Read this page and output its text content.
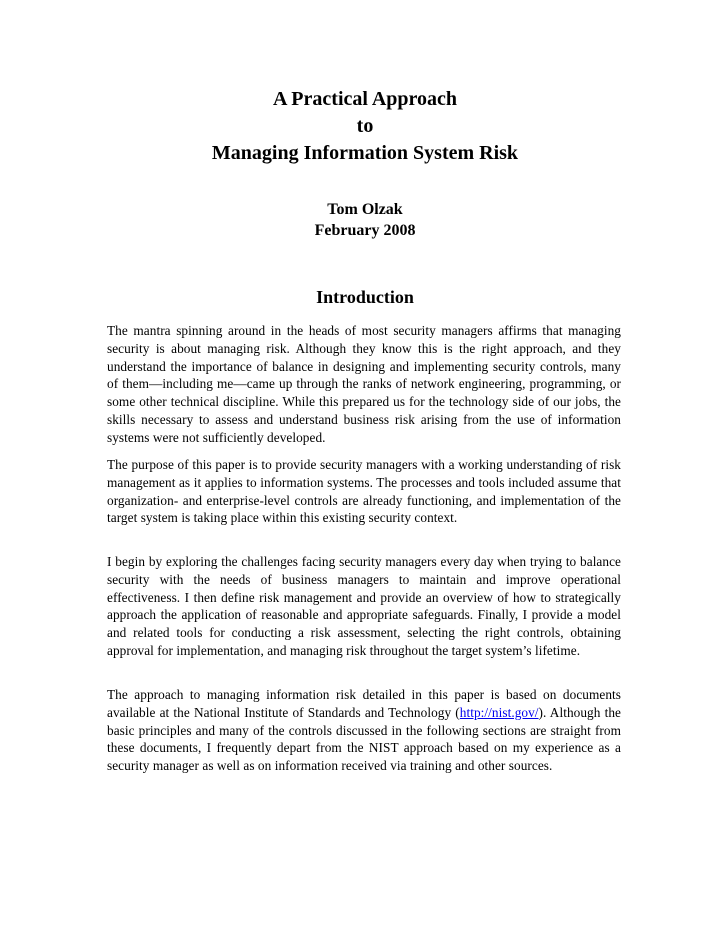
A Practical Approach
to
Managing Information System Risk
Tom Olzak
February 2008
Introduction

The mantra spinning around in the heads of most security managers affirms that managing security is about managing risk. Although they know this is the right approach, and they understand the importance of balance in designing and implementing security controls, many of them—including me—came up through the ranks of network engineering, programming, or some other technical discipline. While this prepared us for the technology side of our jobs, the skills necessary to assess and understand business risk arising from the use of information systems were not sufficiently developed.

The purpose of this paper is to provide security managers with a working understanding of risk management as it applies to information systems. The processes and tools included assume that organization- and enterprise-level controls are already functioning, and implementation of the target system is taking place within this existing security context.

I begin by exploring the challenges facing security managers every day when trying to balance security with the needs of business managers to maintain and improve operational effectiveness. I then define risk management and provide an overview of how to strategically approach the application of reasonable and appropriate safeguards. Finally, I provide a model and related tools for conducting a risk assessment, selecting the right controls, obtaining approval for implementation, and managing risk throughout the target system’s lifetime.

The approach to managing information risk detailed in this paper is based on documents available at the National Institute of Standards and Technology (http://nist.gov/). Although the basic principles and many of the controls discussed in the following sections are straight from these documents, I frequently depart from the NIST approach based on my experience as a security manager as well as on information received via training and other sources.
